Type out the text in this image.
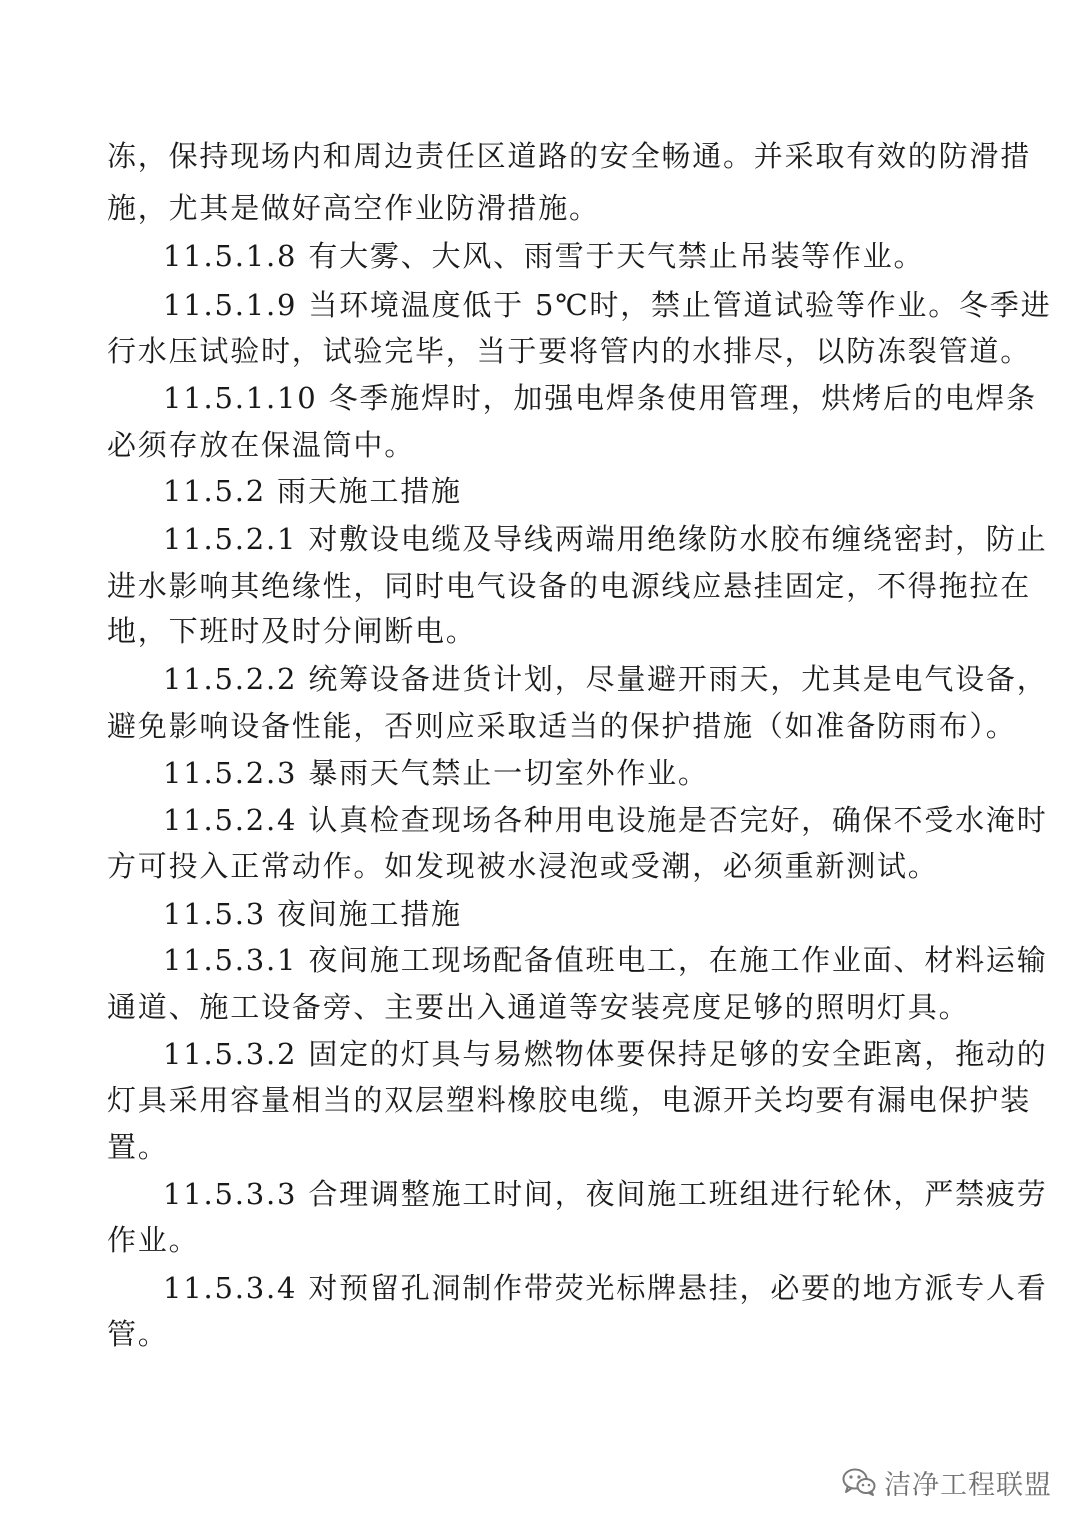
冻，保持现场内和周边责任区道路的安全畅通。并采取有效的防滑措
施，尤其是做好高空作业防滑措施。
11.5.1.8 有大雾、大风、雨雪于天气禁止吊装等作业。
11.5.1.9 当环境温度低于 5℃时，禁止管道试验等作业。冬季进
行水压试验时，试验完毕，当于要将管内的水排尽，以防冻裂管道。
11.5.1.10 冬季施焊时，加强电焊条使用管理，烘烤后的电焊条
必须存放在保温筒中。
11.5.2 雨天施工措施
11.5.2.1 对敷设电缆及导线两端用绝缘防水胶布缠绕密封，防止
进水影响其绝缘性，同时电气设备的电源线应悬挂固定，不得拖拉在
地，下班时及时分闸断电。
11.5.2.2 统筹设备进货计划，尽量避开雨天，尤其是电气设备，
避免影响设备性能，否则应采取适当的保护措施（如准备防雨布）。
11.5.2.3 暴雨天气禁止一切室外作业。
11.5.2.4 认真检查现场各种用电设施是否完好，确保不受水淹时
方可投入正常动作。如发现被水浸泡或受潮，必须重新测试。
11.5.3 夜间施工措施
11.5.3.1 夜间施工现场配备值班电工，在施工作业面、材料运输
通道、施工设备旁、主要出入通道等安装亮度足够的照明灯具。
11.5.3.2 固定的灯具与易燃物体要保持足够的安全距离，拖动的
灯具采用容量相当的双层塑料橡胶电缆，电源开关均要有漏电保护装
置。
11.5.3.3 合理调整施工时间，夜间施工班组进行轮休，严禁疲劳
作业。
11.5.3.4 对预留孔洞制作带荧光标牌悬挂，必要的地方派专人看
管。
洁净工程联盟
